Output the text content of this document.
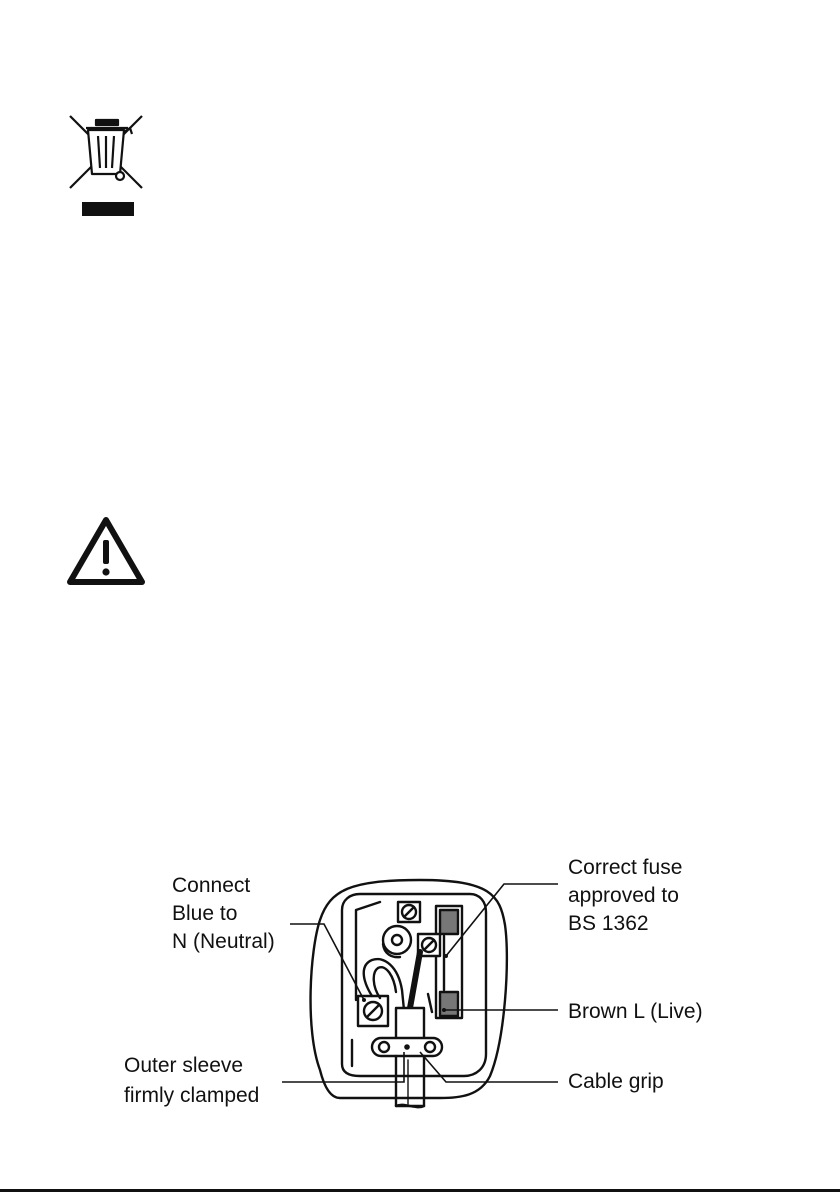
Connect
Blue to
N (Neutral)
Correct fuse
approved to
BS 1362
Brown L (Live)
Outer sleeve
firmly clamped
Cable grip
